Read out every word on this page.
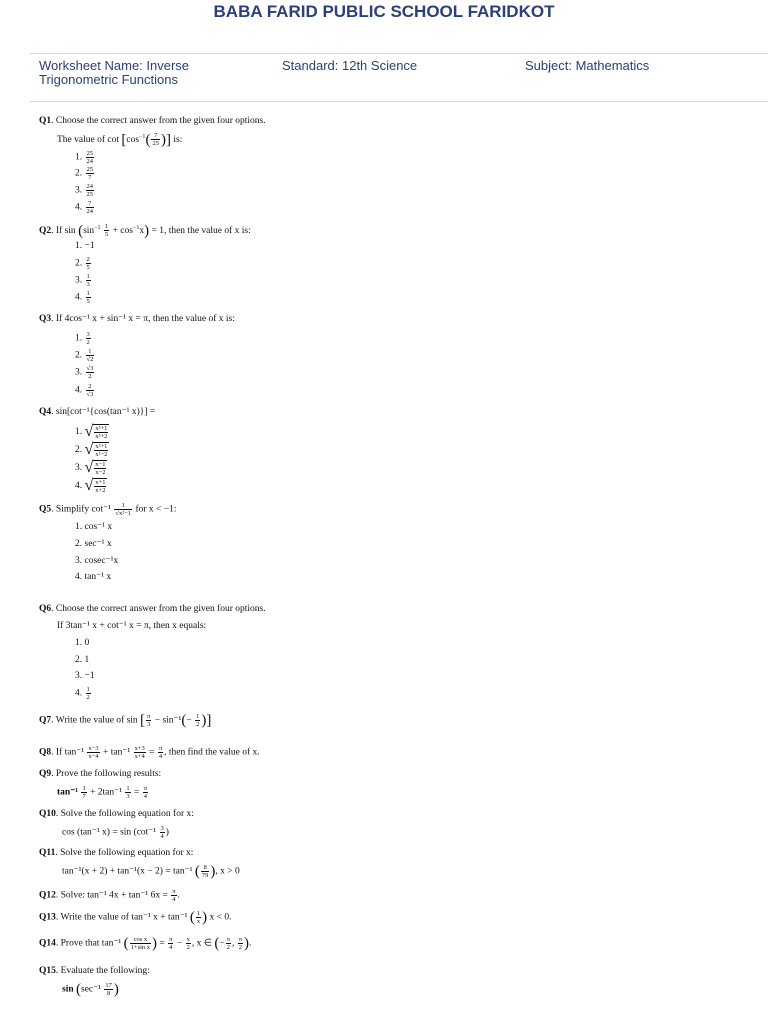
BABA FARID PUBLIC SCHOOL FARIDKOT
Worksheet Name: Inverse
Trigonometric Functions
Standard: 12th Science	Subject: Mathematics
Q1. Choose the correct answer from the given four options.
The value of $\cot [\cos^{-1}( \frac{7}{25}$ )] is:
1. $\frac{25}{24}$
2. $\frac{25}{7}$
3. $\frac{24}{25}$
4. $\frac{7}{24}$
Q2. If $\sin (\sin^{-1} \frac{1}{5} + \cos^{-1}x) = 1$, then the value of x is:
1. −1
2. $\frac{2}{5}$
3. $\frac{1}{3}$
4. $\frac{1}{5}$
Q3. If 4cos⁻¹ x + sin⁻¹ x = π, then the value of x is:
1. $\frac{3}{2}$
2. $\frac{1}{√2}$
3. $\frac{√3}{2}$
4. $\frac{2}{√3}$
Q4. sin[cot⁻¹{cos(tan⁻¹ x)}] =
1. √ $\frac{\text{x²+1}}{\text{x²+2}}$
2. √ $\frac{\text{x²+1}}{\text{x²−2}}$
3. √ $\frac{x-1}{x-2}$
4. √ $\frac{x+1}{x+2}$
Q5. Simplify $\cot^{-1} \frac{1}{\text{√x²−1}}$ for x < −1:
1. cos⁻¹ x
2. sec⁻¹ x
3. cosec⁻¹x
4. tan⁻¹ x
Q6. Choose the correct answer from the given four options.
If 3tan⁻¹ x + cot⁻¹ x = π, then x equals:
1. 0
2. 1
3. −1
4. $\frac{1}{2}$
Q7. Write the value of sin [ $\frac{\pi}{3} - \sin^{-1}(- \frac{1}{2}$ )]
Q8. If $\tan^{-1} \frac{x-3}{x-4} + \tan^{-1} \frac{x+3}{x+4} = \frac{\pi}{4}$ , then find the value of x.
Q9. Prove the following results:
$\tan^{-1} \frac{1}{7} + 2\tan^{-1} \frac{1}{3} = \frac{\pi}{4}$
Q10. Solve the following equation for x:
cos (tan⁻¹ $x) = \sin (\cot^{-1} \frac{3}{4}$ )
Q11. Solve the following equation for x:
tan⁻¹(x + 2) + tan⁻¹(x − 2) = tan⁻¹ ( $\frac{8}{79}$ ), x > 0
Q12. Solve: tan⁻¹ 4x + tan⁻¹ $6x = \frac{\pi}{4}$ .
Q13. Write the value of tan⁻¹ x + tan⁻¹ ( $\frac{1}{x}$ ) x < 0.
Q14. Prove that tan⁻¹ ( $\frac{\text{cos x}}{\text{1+sin x}}$ ) = $\frac{\pi}{4} - \frac{x}{2}$ , x ∈ (− $\frac{\pi}{2}$ , $\frac{\pi}{2}$ ).
Q15. Evaluate the following:
$\sin (\sec^{-1} \frac{17}{8}$ )
